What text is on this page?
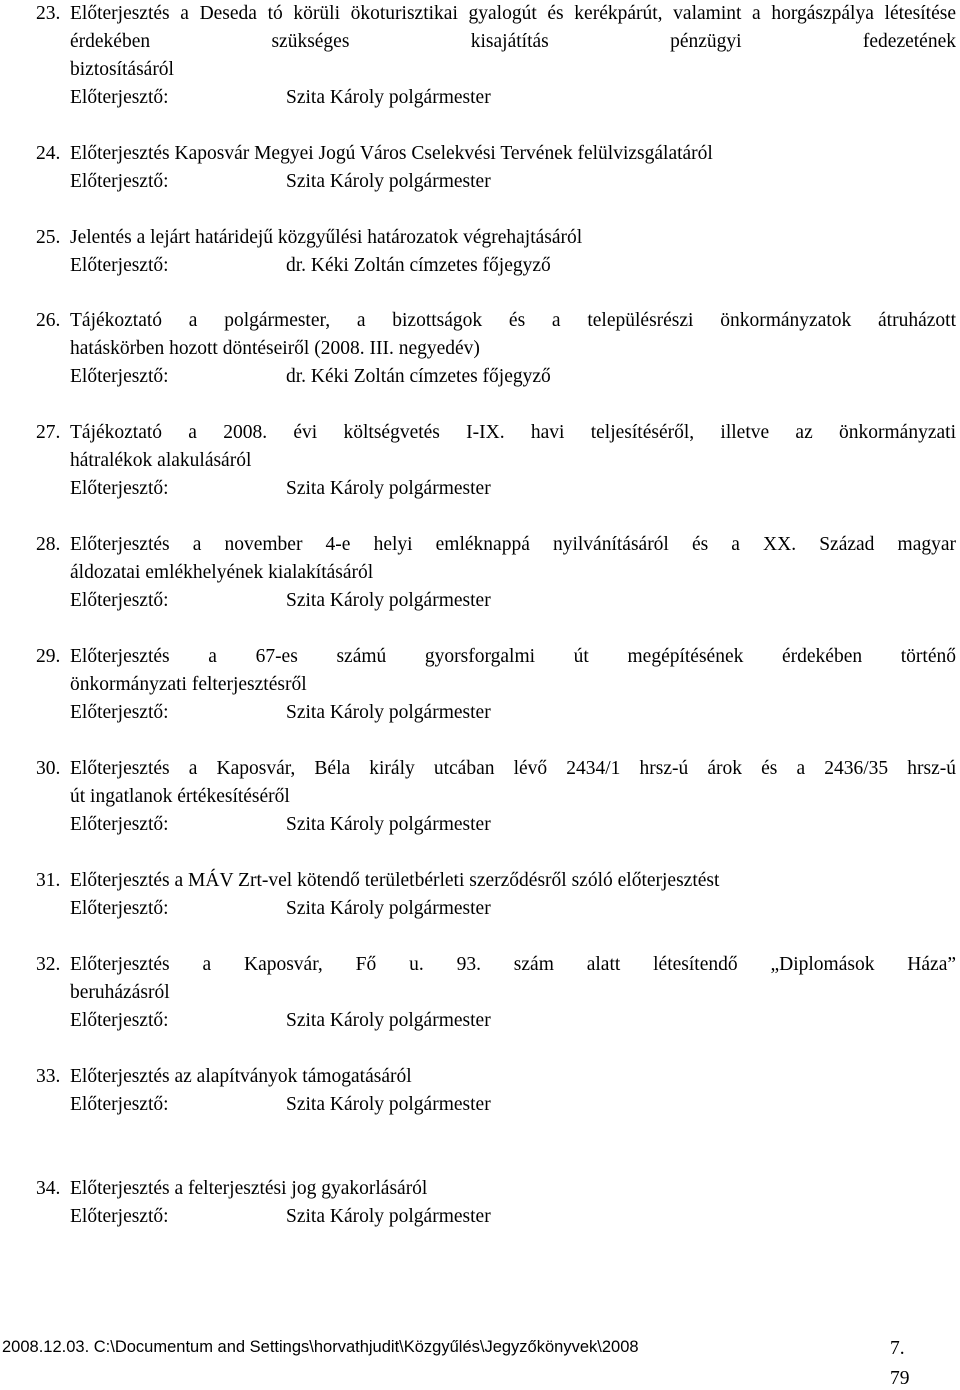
23. Előterjesztés a Deseda tó körüli ökoturisztikai gyalogút és kerékpárút, valamint a horgászpálya létesítése érdekében szükséges kisajátítás pénzügyi fedezetének
biztosításáról
Előterjesztő:	Szita Károly polgármester
24. Előterjesztés Kaposvár Megyei Jogú Város Cselekvési Tervének felülvizsgálatáról
Előterjesztő:	Szita Károly polgármester
25. Jelentés a lejárt határidejű közgyűlési határozatok végrehajtásáról
Előterjesztő:	dr. Kéki Zoltán címzetes főjegyző
26. Tájékoztató a polgármester, a bizottságok és a településrészi önkormányzatok átruházott
hatáskörben hozott döntéseiről (2008. III. negyedév)
Előterjesztő:	dr. Kéki Zoltán címzetes főjegyző
27. Tájékoztató a 2008. évi költségvetés I-IX. havi teljesítéséről, illetve az önkormányzati
hátralékok alakulásáról
Előterjesztő:	Szita Károly polgármester
28. Előterjesztés a november 4-e helyi emléknappá nyilvánításáról és a XX. Század magyar
áldozatai emlékhelyének kialakításáról
Előterjesztő:	Szita Károly polgármester
29. Előterjesztés a 67-es számú gyorsforgalmi út megépítésének érdekében történő
önkormányzati felterjesztésről
Előterjesztő:	Szita Károly polgármester
30. Előterjesztés a Kaposvár, Béla király utcában lévő 2434/1 hrsz-ú árok és a 2436/35 hrsz-ú
út ingatlanok értékesítéséről
Előterjesztő:	Szita Károly polgármester
31. Előterjesztés a MÁV Zrt-vel kötendő területbérleti szerződésről szóló előterjesztést
Előterjesztő:	Szita Károly polgármester
32. Előterjesztés a Kaposvár, Fő u. 93. szám alatt létesítendő „Diplomások Háza”
beruházásról
Előterjesztő:	Szita Károly polgármester
33. Előterjesztés az alapítványok támogatásáról
Előterjesztő:	Szita Károly polgármester
34. Előterjesztés a felterjesztési jog gyakorlásáról
Előterjesztő:	Szita Károly polgármester
2008.12.03. C:\Documentum and Settings\horvathjudit\Közgyűlés\Jegyzőkönyvek\2008	7.
79
